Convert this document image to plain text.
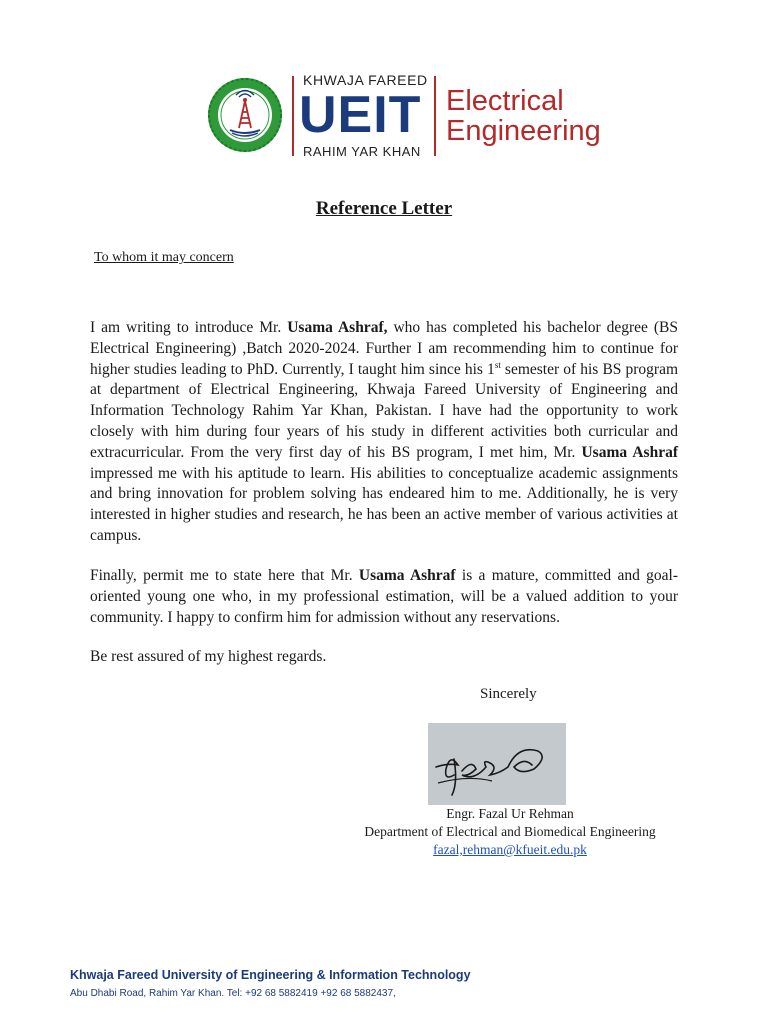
KHWAJA FAREED
UEIT
RAHIM YAR KHAN
Electrical
Engineering
Reference Letter
To whom it may concern
I am writing to introduce Mr. Usama Ashraf, who has completed his bachelor degree (BS Electrical Engineering) ,Batch 2020-2024. Further I am recommending him to continue for higher studies leading to PhD. Currently, I taught him since his 1st semester of his BS program at department of Electrical Engineering, Khwaja Fareed University of Engineering and Information Technology Rahim Yar Khan, Pakistan. I have had the opportunity to work closely with him during four years of his study in different activities both curricular and extracurricular. From the very first day of his BS program, I met him, Mr. Usama Ashraf impressed me with his aptitude to learn. His abilities to conceptualize academic assignments and bring innovation for problem solving has endeared him to me. Additionally, he is very interested in higher studies and research, he has been an active member of various activities at campus.
Finally, permit me to state here that Mr. Usama Ashraf is a mature, committed and goal-oriented young one who, in my professional estimation, will be a valued addition to your community. I happy to confirm him for admission without any reservations.
Be rest assured of my highest regards.
Sincerely
Engr. Fazal Ur Rehman
Department of Electrical and Biomedical Engineering
fazal,rehman@kfueit.edu.pk
Khwaja Fareed University of Engineering & Information Technology
Abu Dhabi Road, Rahim Yar Khan. Tel: +92 68 5882419 +92 68 5882437,
